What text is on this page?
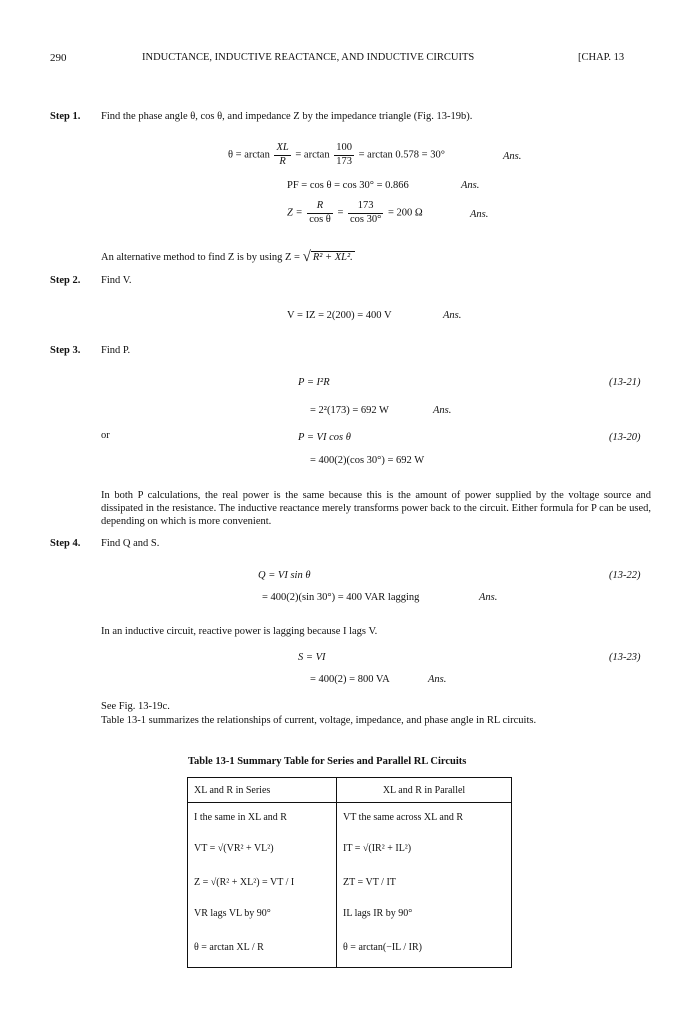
290	INDUCTANCE, INDUCTIVE REACTANCE, AND INDUCTIVE CIRCUITS	[CHAP. 13
Step 1. Find the phase angle θ, cos θ, and impedance Z by the impedance triangle (Fig. 13-19b).
$\theta = \arctan \frac{XL}{R} = \arctan \frac{100}{173} = \arctan 0.578 = 30^\circ$	Ans.
PF = cos θ = cos 30° = 0.866	Ans.
$Z = \frac{R}{\text{cos θ}} = \frac{173}{\cos 30^\circ} = 200$ Ω	Ans.
An alternative method to find Z is by using Z = √ R² + XL².
Step 2. Find V.
V = IZ = 2(200) = 400 V	Ans.
Step 3. Find P.
P = I²R	(13-21)
= 2²(173) = 692 W	Ans.
or	P = VI cos θ	(13-20)
= 400(2)(cos 30°) = 692 W
In both P calculations, the real power is the same because this is the amount of power supplied by the voltage source and dissipated in the resistance. The inductive reactance merely transforms power back to the circuit. Either formula for P can be used, depending on which is more convenient.
Step 4. Find Q and S.
Q = VI sin θ	(13-22)
= 400(2)(sin 30°) = 400 VAR lagging	Ans.
In an inductive circuit, reactive power is lagging because I lags V.
S = VI	(13-23)
= 400(2) = 800 VA	Ans.
See Fig. 13-19c.
Table 13-1 summarizes the relationships of current, voltage, impedance, and phase angle in RL circuits.
Table 13-1 Summary Table for Series and Parallel RL Circuits
XL and R in Series	XL and R in Parallel
I the same in XL and R	VT the same across XL and R
VT = √(VR² + VL²)	IT = √(IR² + IL²)
Z = √(R² + XL²) = VT / I	ZT = VT / IT
VR lags VL by 90°	IL lags IR by 90°
θ = arctan XL / R	θ = arctan(−IL / IR)
